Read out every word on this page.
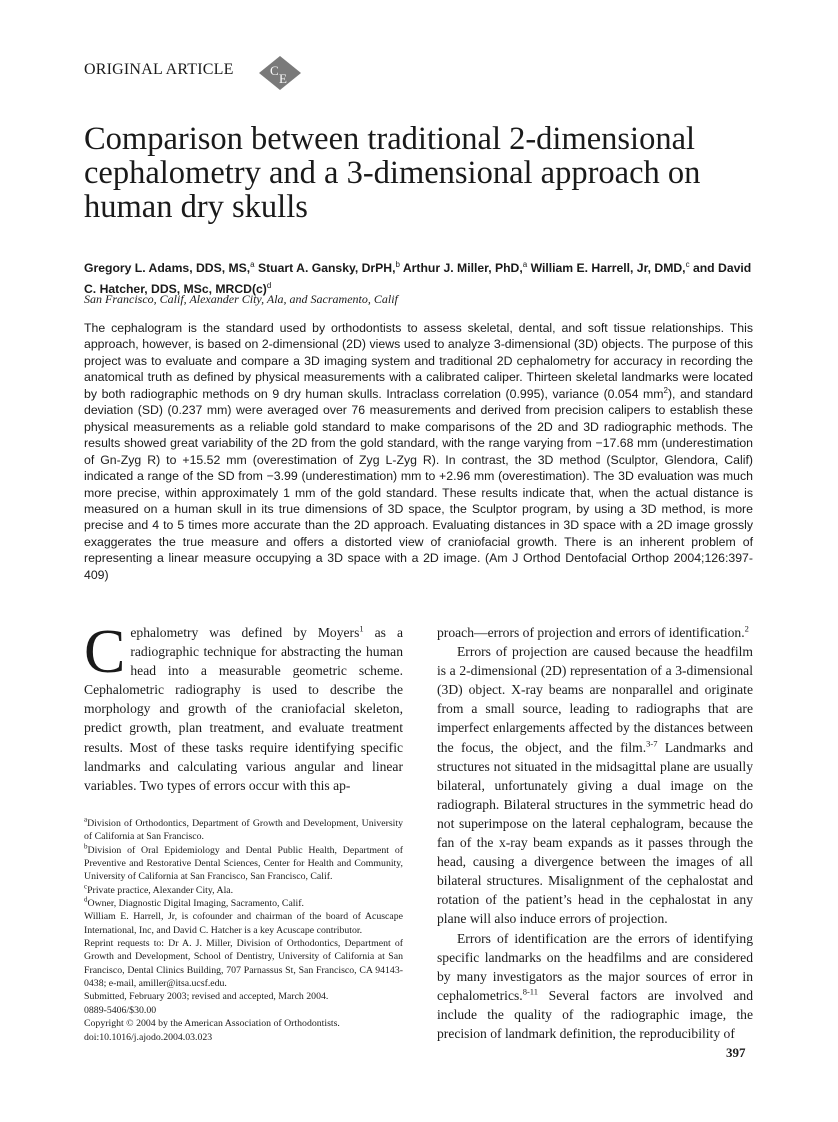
ORIGINAL ARTICLE	C
E
Comparison between traditional 2-dimensional cephalometry and a 3-dimensional approach on human dry skulls
Gregory L. Adams, DDS, MS,$^a$ Stuart A. Gansky, DrPH,$^b$ Arthur J. Miller, PhD,$^a$ William E. Harrell, Jr, DMD,$^c$ and David C. Hatcher, DDS, MSc, $MRCD(c)^d$
San Francisco, Calif, Alexander City, Ala, and Sacramento, Calif

The cephalogram is the standard used by orthodontists to assess skeletal, dental, and soft tissue relationships. This approach, however, is based on 2-dimensional (2D) views used to analyze 3-dimensional (3D) objects. The purpose of this project was to evaluate and compare a 3D imaging system and traditional 2D cephalometry for accuracy in recording the anatomical truth as defined by physical measurements with a calibrated caliper. Thirteen skeletal landmarks were located by both radiographic methods on 9 dry human skulls. Intraclass correlation (0.995), variance (0.054 $mm^2$), and standard deviation (SD) (0.237 mm) were averaged over 76 measurements and derived from precision calipers to establish these physical measurements as a reliable gold standard to make comparisons of the 2D and 3D radiographic methods. The results showed great variability of the 2D from the gold standard, with the range varying from −17.68 mm (underestimation of Gn-Zyg R) to +15.52 mm (overestimation of Zyg L-Zyg R). In contrast, the 3D method (Sculptor, Glendora, Calif) indicated a range of the SD from −3.99 (underestimation) mm to +2.96 mm (overestimation). The 3D evaluation was much more precise, within approximately 1 mm of the gold standard. These results indicate that, when the actual distance is measured on a human skull in its true dimensions of 3D space, the Sculptor program, by using a 3D method, is more precise and 4 to 5 times more accurate than the 2D approach. Evaluating distances in 3D space with a 2D image grossly exaggerates the true measure and offers a distorted view of craniofacial growth. There is an inherent problem of representing a linear measure occupying a 3D space with a 2D image. (Am J Orthod Dentofacial Orthop 2004;126:397-409)

Cephalometry was defined by Moyers$^1$ as a radiographic technique for abstracting the human head into a measurable geometric scheme. Cephalometric radiography is used to describe the morphology and growth of the craniofacial skeleton, predict growth, plan treatment, and evaluate treatment results. Most of these tasks require identifying specific landmarks and calculating various angular and linear variables. Two types of errors occur with this ap-

$^a$Division of Orthodontics, Department of Growth and Development, University of California at San Francisco.
$^b$Division of Oral Epidemiology and Dental Public Health, Department of Preventive and Restorative Dental Sciences, Center for Health and Community, University of California at San Francisco, San Francisco, Calif.
$^c$Private practice, Alexander City, Ala.
$^d$Owner, Diagnostic Digital Imaging, Sacramento, Calif.
William E. Harrell, Jr, is cofounder and chairman of the board of Acuscape International, Inc, and David C. Hatcher is a key Acuscape contributor.
Reprint requests to: Dr A. J. Miller, Division of Orthodontics, Department of Growth and Development, School of Dentistry, University of California at San Francisco, Dental Clinics Building, 707 Parnassus St, San Francisco, CA 94143-0438; e-mail, amiller@itsa.ucsf.edu.
Submitted, February 2003; revised and accepted, March 2004.
0889-5406/$30.00
Copyright © 2004 by the American Association of Orthodontists.
doi:10.1016/j.ajodo.2004.03.023

proach—errors of projection and errors of identification.$^2$

Errors of projection are caused because the headfilm is a 2-dimensional (2D) representation of a 3-dimensional (3D) object. X-ray beams are nonparallel and originate from a small source, leading to radiographs that are imperfect enlargements affected by the distances between the focus, the object, and the film.$^{3-7}$ Landmarks and structures not situated in the midsagittal plane are usually bilateral, unfortunately giving a dual image on the radiograph. Bilateral structures in the symmetric head do not superimpose on the lateral cephalogram, because the fan of the x-ray beam expands as it passes through the head, causing a divergence between the images of all bilateral structures. Misalignment of the cephalostat and rotation of the patient’s head in the cephalostat in any plane will also induce errors of projection.

Errors of identification are the errors of identifying specific landmarks on the headfilms and are considered by many investigators as the major sources of error in cephalometrics.$^{8-11}$ Several factors are involved and include the quality of the radiographic image, the precision of landmark definition, the reproducibility of

397
